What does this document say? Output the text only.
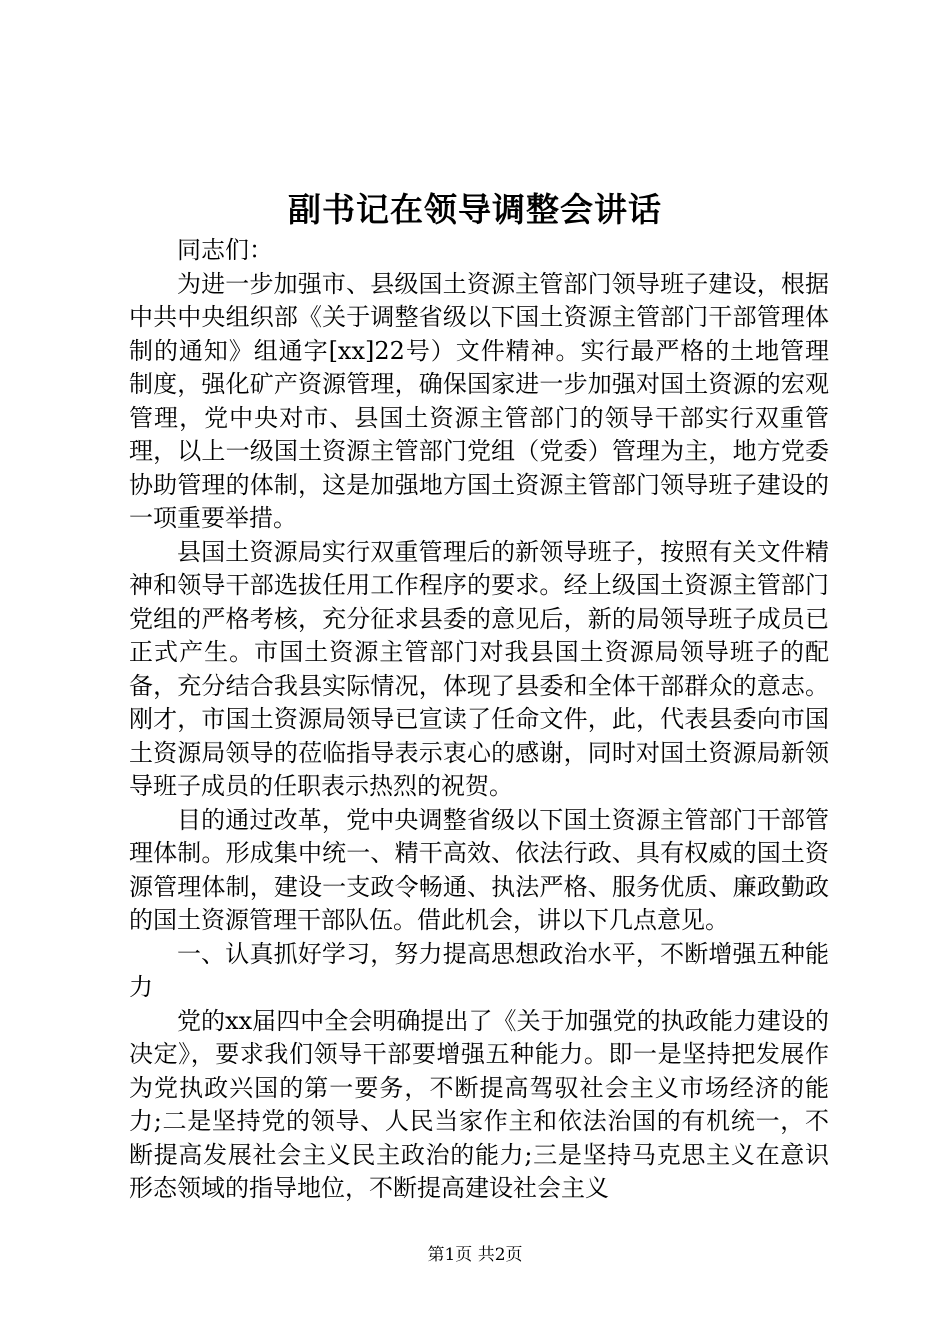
副书记在领导调整会讲话

同志们：

为进一步加强市、县级国土资源主管部门领导班子建设，根据中共中央组织部《关于调整省级以下国土资源主管部门干部管理体制的通知》组通字[xx]22号）文件精神。实行最严格的土地管理制度，强化矿产资源管理，确保国家进一步加强对国土资源的宏观管理，党中央对市、县国土资源主管部门的领导干部实行双重管理，以上一级国土资源主管部门党组（党委）管理为主，地方党委协助管理的体制，这是加强地方国土资源主管部门领导班子建设的一项重要举措。

县国土资源局实行双重管理后的新领导班子，按照有关文件精神和领导干部选拔任用工作程序的要求。经上级国土资源主管部门党组的严格考核，充分征求县委的意见后，新的局领导班子成员已正式产生。市国土资源主管部门对我县国土资源局领导班子的配备，充分结合我县实际情况，体现了县委和全体干部群众的意志。刚才，市国土资源局领导已宣读了任命文件，此，代表县委向市国土资源局领导的莅临指导表示衷心的感谢，同时对国土资源局新领导班子成员的任职表示热烈的祝贺。

目的通过改革，党中央调整省级以下国土资源主管部门干部管理体制。形成集中统一、精干高效、依法行政、具有权威的国土资源管理体制，建设一支政令畅通、执法严格、服务优质、廉政勤政的国土资源管理干部队伍。借此机会，讲以下几点意见。

一、认真抓好学习，努力提高思想政治水平，不断增强五种能力

党的xx届四中全会明确提出了《关于加强党的执政能力建设的决定》，要求我们领导干部要增强五种能力。即一是坚持把发展作为党执政兴国的第一要务，不断提高驾驭社会主义市场经济的能力;二是坚持党的领导、人民当家作主和依法治国的有机统一，不断提高发展社会主义民主政治的能力;三是坚持马克思主义在意识形态领域的指导地位，不断提高建设社会主义

第1页 共2页
